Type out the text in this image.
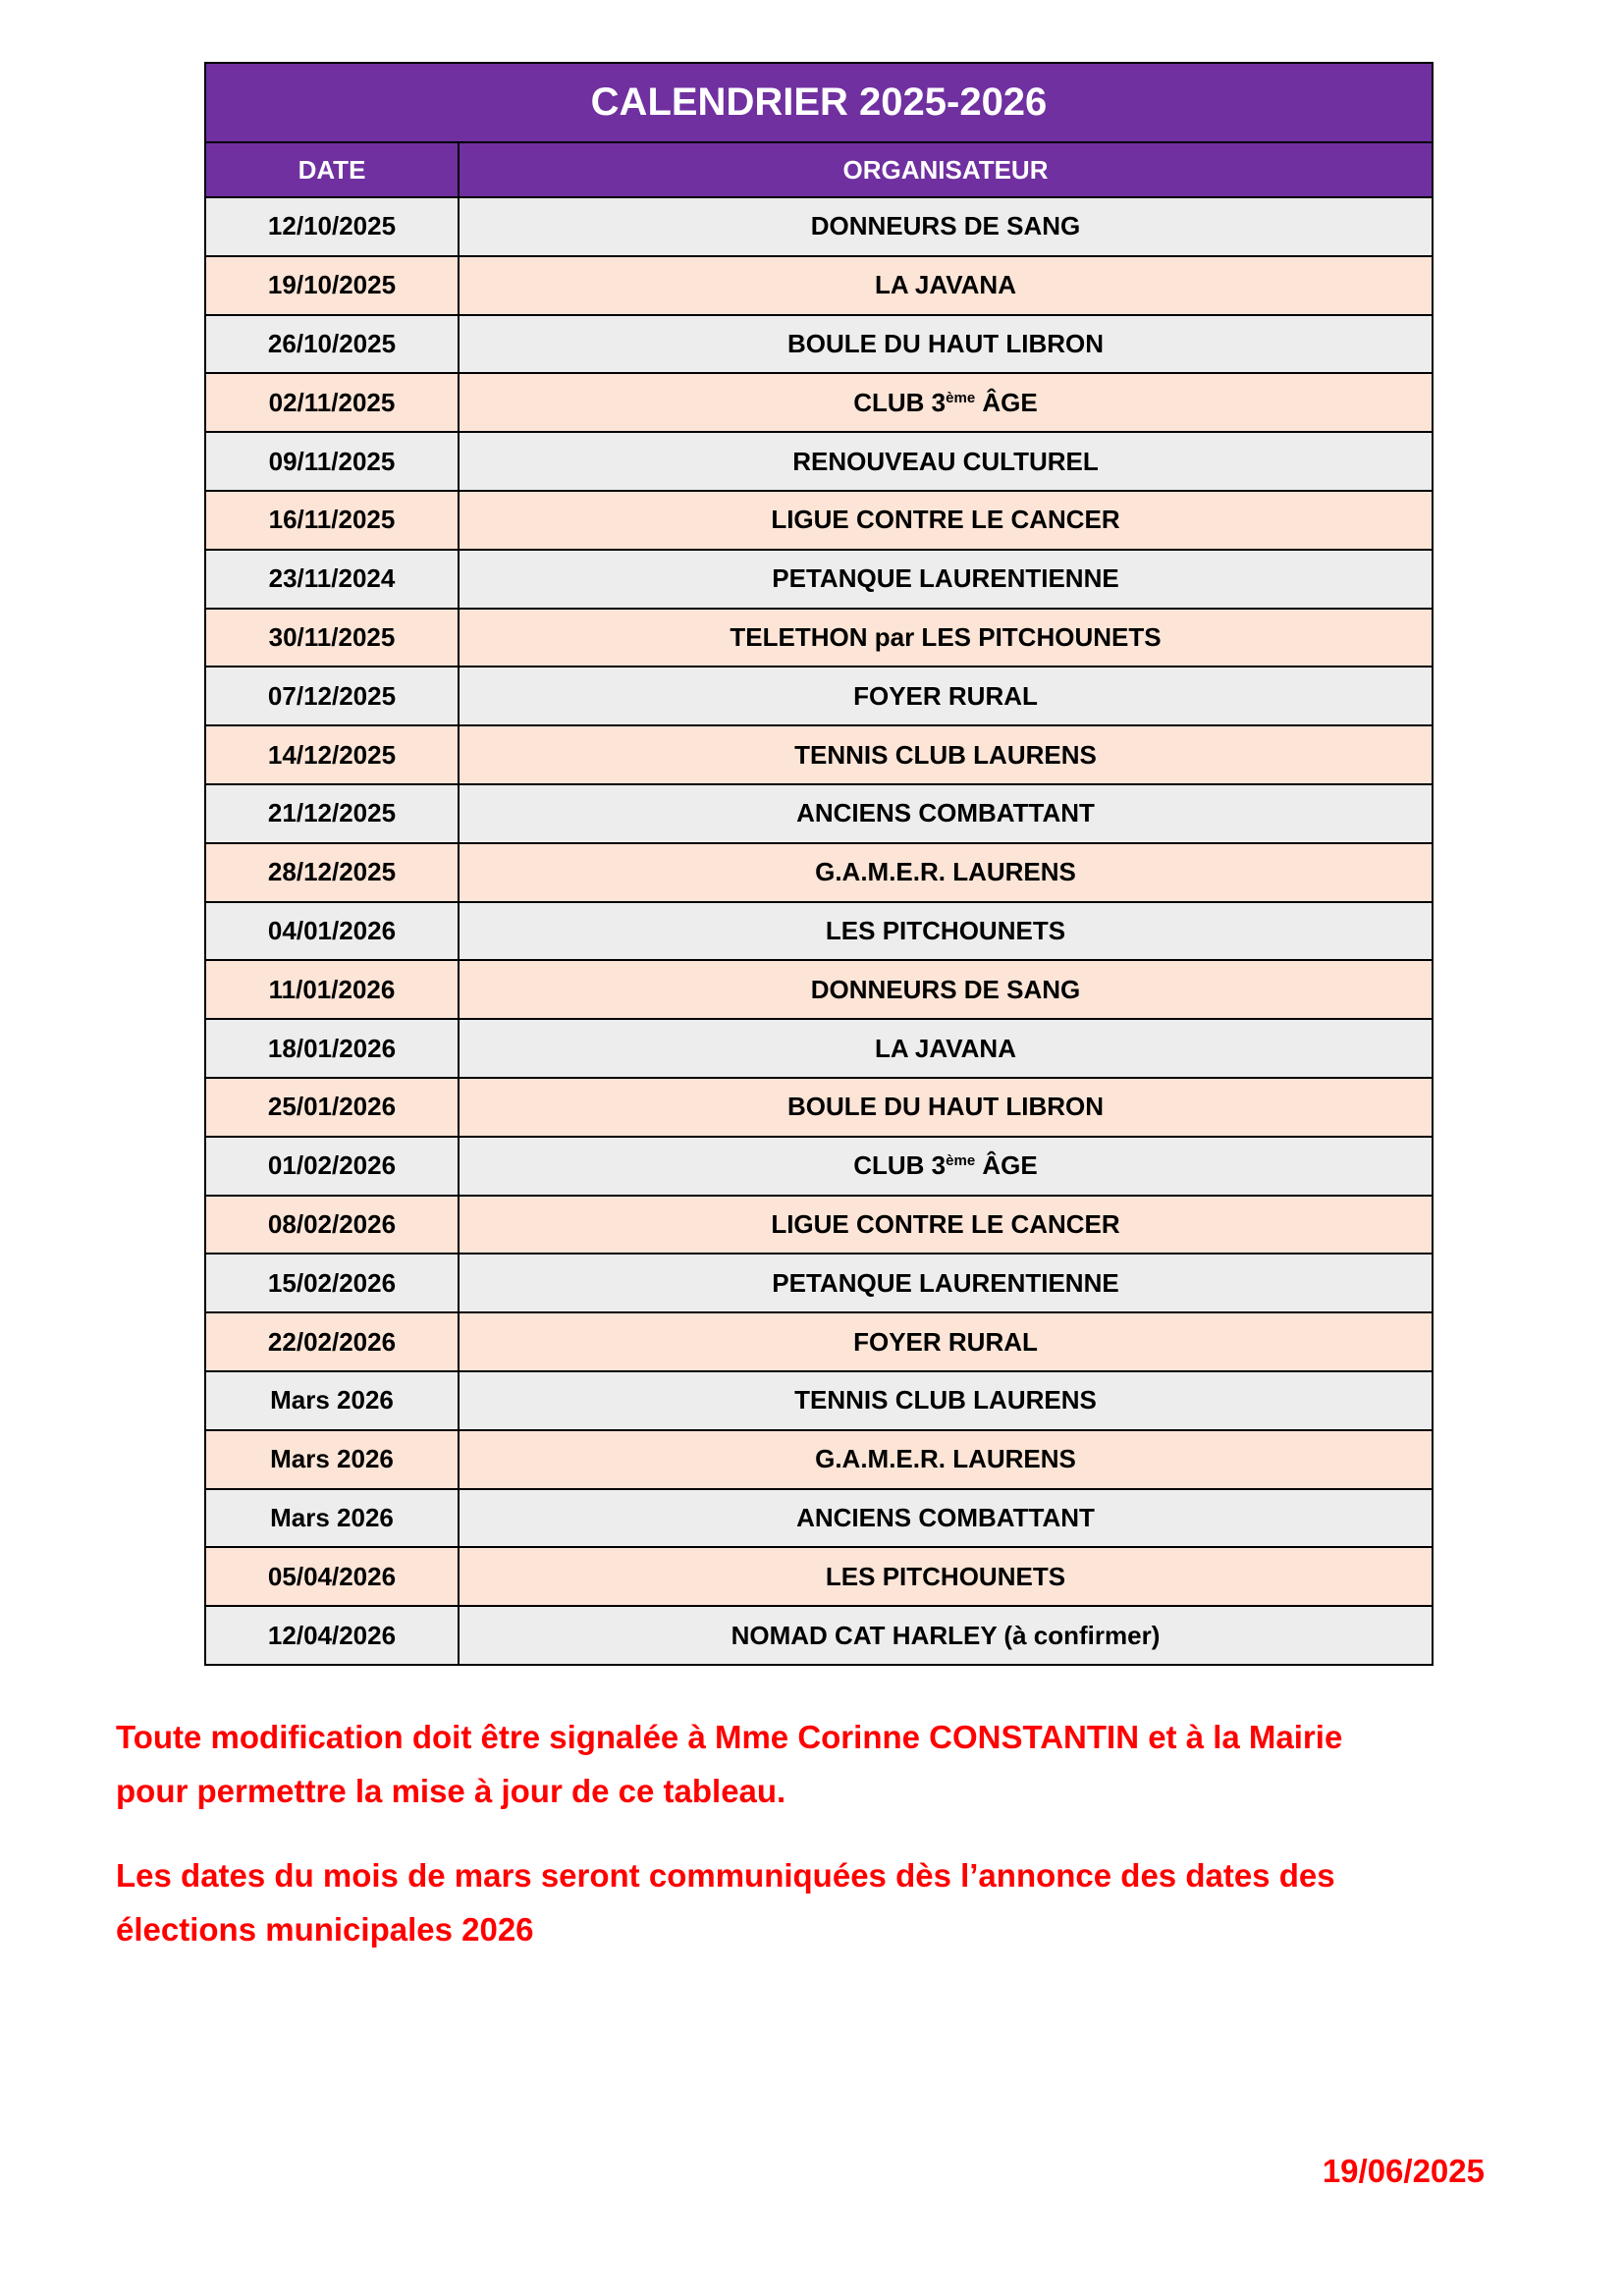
CALENDRIER 2025-2026	
DATE	ORGANISATEUR
12/10/2025	DONNEURS DE SANG
19/10/2025	LA JAVANA
26/10/2025	BOULE DU HAUT LIBRON
02/11/2025	CLUB 3ème ÂGE
09/11/2025	RENOUVEAU CULTUREL
16/11/2025	LIGUE CONTRE LE CANCER
23/11/2024	PETANQUE LAURENTIENNE
30/11/2025	TELETHON par LES PITCHOUNETS
07/12/2025	FOYER RURAL
14/12/2025	TENNIS CLUB LAURENS
21/12/2025	ANCIENS COMBATTANT
28/12/2025	G.A.M.E.R. LAURENS
04/01/2026	LES PITCHOUNETS
11/01/2026	DONNEURS DE SANG
18/01/2026	LA JAVANA
25/01/2026	BOULE DU HAUT LIBRON
01/02/2026	CLUB 3ème ÂGE
08/02/2026	LIGUE CONTRE LE CANCER
15/02/2026	PETANQUE LAURENTIENNE
22/02/2026	FOYER RURAL
Mars 2026	TENNIS CLUB LAURENS
Mars 2026	G.A.M.E.R. LAURENS
Mars 2026	ANCIENS COMBATTANT
05/04/2026	LES PITCHOUNETS
12/04/2026	NOMAD CAT HARLEY (à confirmer)

Toute modification doit être signalée à Mme Corinne CONSTANTIN et à la Mairie
pour permettre la mise à jour de ce tableau.

Les dates du mois de mars seront communiquées dès l’annonce des dates des
élections municipales 2026

19/06/2025
